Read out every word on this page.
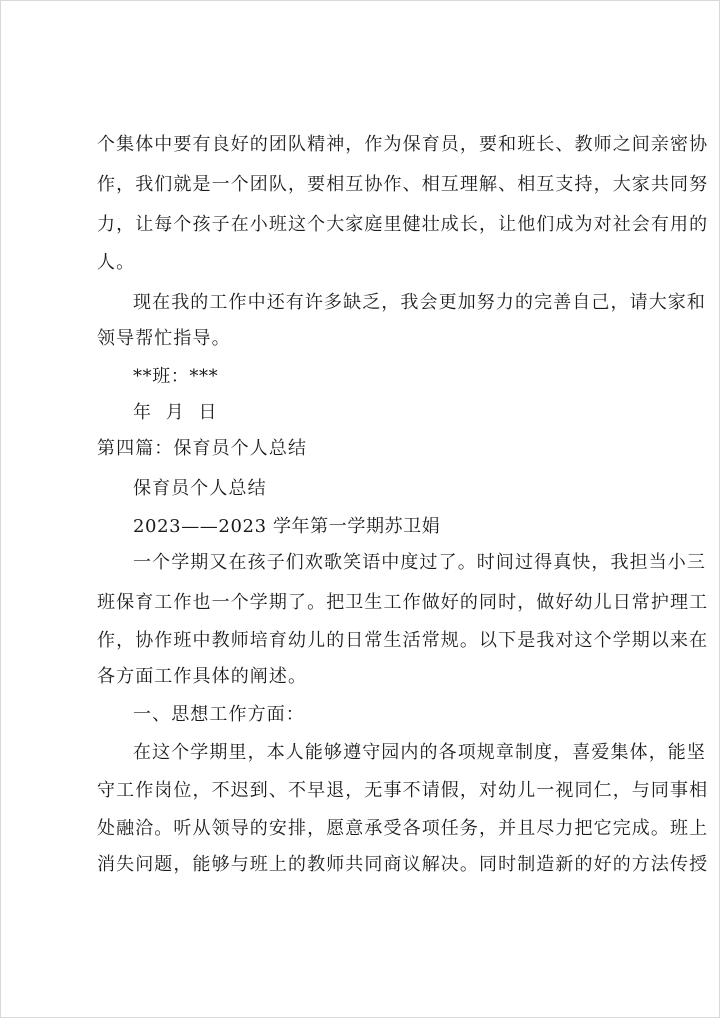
个集体中要有良好的团队精神，作为保育员，要和班长、教师之间亲密协
作，我们就是一个团队，要相互协作、相互理解、相互支持，大家共同努
力，让每个孩子在小班这个大家庭里健壮成长，让他们成为对社会有用的
人。
现在我的工作中还有许多缺乏，我会更加努力的完善自己，请大家和
领导帮忙指导。
**班：***
年  月  日
第四篇：保育员个人总结
保育员个人总结
2023——2023 学年第一学期苏卫娟
一个学期又在孩子们欢歌笑语中度过了。时间过得真快，我担当小三
班保育工作也一个学期了。把卫生工作做好的同时，做好幼儿日常护理工
作，协作班中教师培育幼儿的日常生活常规。以下是我对这个学期以来在
各方面工作具体的阐述。
一、思想工作方面：
在这个学期里，本人能够遵守园内的各项规章制度，喜爱集体，能坚
守工作岗位，不迟到、不早退，无事不请假，对幼儿一视同仁，与同事相
处融洽。听从领导的安排，愿意承受各项任务，并且尽力把它完成。班上
消失问题，能够与班上的教师共同商议解决。同时制造新的好的方法传授
